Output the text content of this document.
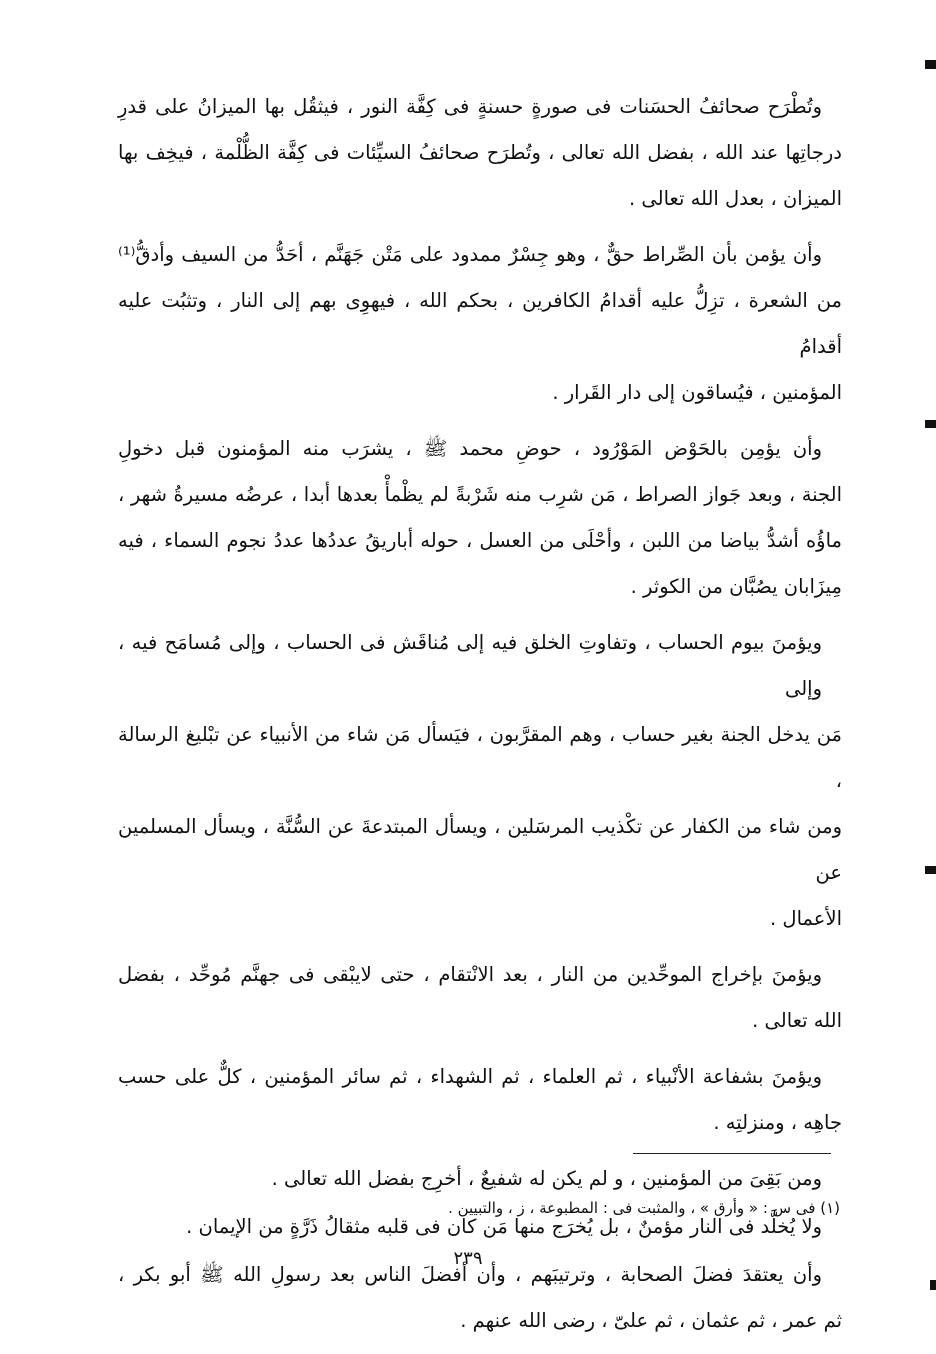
وتُطْرَح صحائفُ الحسَنات فى صورةٍ حسنةٍ فى كِفَّة النور ، فيثقُل بها الميزانُ على قدرِ
درجاتِها عند الله ، بفضل الله تعالى ، وتُطرَح صحائفُ السيِّئات فى كِفَّة الظُّلْمة ، فيخِف بها
الميزان ، بعدل الله تعالى .
وأن يؤمن بأن الصِّراط حقٌّ ، وهو جِسْرٌ ممدود على مَتْن جَهَنَّم ، أحَدُّ من السيف وأدقُّ⁽¹⁾
من الشعرة ، تزِلُّ عليه أقدامُ الكافرين ، بحكم الله ، فيهوِى بهم إلى النار ، وتثبُت عليه أقدامُ
المؤمنين ، فيُساقون إلى دار القَرار .
وأن يؤمِن بالحَوْض المَوْرُود ، حوضِ محمد ﷺ ، يشرَب منه المؤمنون قبل دخولِ
الجنة ، وبعد جَواز الصراط ، مَن شرِب منه شَرْبةً لم يظْمأْ بعدها أبدا ، عرضُه مسيرةُ شهر ،
ماؤُه أشدُّ بياضا من اللبن ، وأحْلَى من العسل ، حوله أباريقُ عددُها عددُ نجوم السماء ، فيه
مِيزَابان يصُبَّان من الكوثر .
ويؤمنَ بيوم الحساب ، وتفاوتِ الخلق فيه إلى مُناقَش فى الحساب ، وإلى مُسامَح فيه ، وإلى
مَن يدخل الجنة بغير حساب ، وهم المقرَّبون ، فيَسأل مَن شاء من الأنبياء عن تبْليغ الرسالة ،
ومن شاء من الكفار عن تكْذيب المرسَلين ، ويسأل المبتدعةَ عن السُّنَّة ، ويسأل المسلمين عن
الأعمال .
ويؤمنَ بإخراج الموحِّدين من النار ، بعد الانْتقام ، حتى لايبْقى فى جهنَّم مُوحِّد ، بفضل
الله تعالى .
ويؤمنَ بشفاعة الأنْبياء ، ثم العلماء ، ثم الشهداء ، ثم سائر المؤمنين ، كلٌّ على حسب
جاهِه ، ومنزلتِه .
ومن بَقِىَ من المؤمنين ، و لم يكن له شفيعٌ ، أخرِج بفضل الله تعالى .
ولا يُخلَّد فى النار مؤمنٌ ، بل يُخرَج منها مَن كان فى قلبه مثقالُ ذَرَّةٍ من الإيمان .
وأن يعتقدَ فضلَ الصحابة ، وترتيبَهم ، وأن أفضلَ الناس بعد رسولِ الله ﷺ أبو بكر ،
ثم عمر ، ثم عثمان ، ثم علىّ ، رضى الله عنهم .
(١) فى س : « وأرق » ، والمثبت فى : المطبوعة ، ز ، والتبيين .
٢٣٩
